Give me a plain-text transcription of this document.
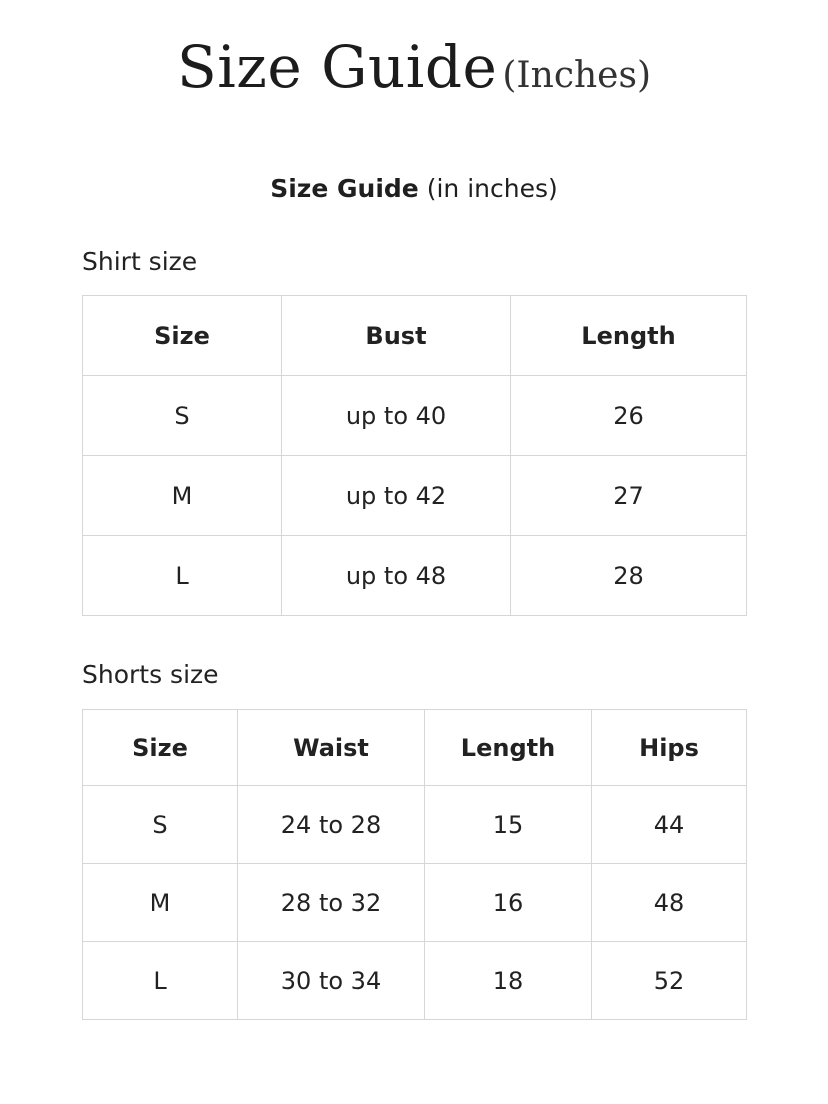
Size Guide (Inches)
Size Guide (in inches)
Shirt size
Size	Bust	Length
S	up to 40	26
M	up to 42	27
L	up to 48	28
Shorts size
Size	Waist	Length	Hips
S	24 to 28	15	44
M	28 to 32	16	48
L	30 to 34	18	52
